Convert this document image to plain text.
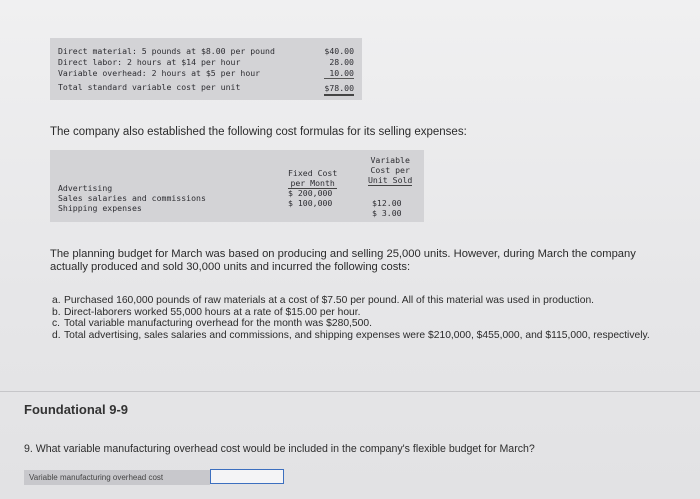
Direct material: 5 pounds at $8.00 per pound
Direct labor: 2 hours at $14 per hour
Variable overhead: 2 hours at $5 per hour
Total standard variable cost per unit
$40.00
28.00
10.00
$78.00
The company also established the following cost formulas for its selling expenses:
Variable
Cost per
Unit Sold
Fixed Cost
per Month
Advertising
Sales salaries and commissions
Shipping expenses
$ 200,000
$ 100,000	$12.00
$ 3.00
The planning budget for March was based on producing and selling 25,000 units. However, during March the company actually produced and sold 30,000 units and incurred the following costs:
a. Purchased 160,000 pounds of raw materials at a cost of $7.50 per pound. All of this material was used in production.
b. Direct-laborers worked 55,000 hours at a rate of $15.00 per hour.
c. Total variable manufacturing overhead for the month was $280,500.
d. Total advertising, sales salaries and commissions, and shipping expenses were $210,000, $455,000, and $115,000, respectively.
Foundational 9-9
9. What variable manufacturing overhead cost would be included in the company's flexible budget for March?
Variable manufacturing overhead cost
